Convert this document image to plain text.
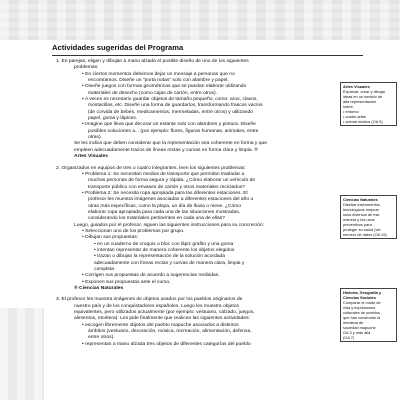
Actividades sugeridas del Programa

1. En parejas, eligen y dibujan a mano alzada el posible diseño de uno de los siguientes

problemas:

• En ciertos momentos debemos dejar un mensaje a personas que no

encontramos. Diseñe un "porta notas" solo con alambre y papel.

• Diseñe juegos con formas geométricas que se puedan elaborar utilizando

materiales de desecho (como cajas de cartón, entre otros).

• A veces es necesario guardar objetos de tamaño pequeño, como: aros, clavos,

mostacillas, etc. Diseñe una forma de guardarlos, transformando frascos vacíos

(de corvida de bebés, medicamentos, mermeladas, entre otros) y utilizando

papel, goma y lápices.

• Imagine que lleva que decorar un estante solo con alambres y pintura. Diseñe

posibles soluciones a... (por ejemplo: flores, figuras humanas, animales, entre

otras).

Se les indica que deben considerar que la representación sea coherente en forma y que

empleen adecuadamente trazos de líneas rectas y curvas en forma clara y limpia. ®

Artes Visuales

2. Organizados en equipos de tres o cuatro integrantes, leen los siguientes problemas:

• Problema 1: Se necesitan medios de transporte que permitan trasladar a

muchas personas de forma segura y rápida. ¿Cómo elaborar un vehículo de

transporte público con envases de cartón y otros materiales reciclados?

• Problema 2: Se necesita ropa apropiada para las diferentes estaciones. El

profesor les muestra imágenes asociadas a diferentes estaciones del año u

otras más específicas, como la playa, un día de lluvia o nieve. ¿Cómo

elaborar ropa apropiada para cada una de las situaciones mostradas,

considerando los materiales pertinentes en cada una de ellas?

Luego, guiados por el profesor, siguen las siguientes instrucciones para su concreción:

• Seleccionan uno de los problemas por grupo.

• Dibujan sus propuestas:

• en un cuaderno de croquis o bloc con lápiz grafito y una goma

• intentan representar de manera coherente los objetos elegidos

• trazan o dibujan la representación de la solución acordada

adecuadamente con líneas rectas y curvas de manera clara, limpia y

completa

• Corrigen sus propuestas de acuerdo a sugerencias recibidas.

• Exponen sus propuestas ante el curso.

® Ciencias Naturales

3. El profesor les muestra imágenes de objetos usados por los pueblos originarios de

nuestro país y de los conquistadores españoles. Luego les muestra objetos

equivalentes, pero utilizados actualmente (por ejemplo: vestuario, calzado, juegos,

alimentos, etcétera). Les pide finalmente que realicen las siguientes actividades:

• escogen libremente objetos del pueblo mapuche asociados a distintos

ámbitos (vestuario, decoración, música, recreación, alimentación, defensa,

entre otros).

• representan a mano alzada tres objetos de diferentes categorías del pueblo

Artes Visuales

Expresar, crear y dibujar

ideas en un sentido de

alta representación

sobre:

• entorno

• cuatro artes

• animal mística (OA 3)

Ciencias Naturales

Diseñar instrumentos

tecnológicos mejorar

usos diversos de ese

manera y los usos

preventivos para

proteger su salud (ver

número de datos (OA 19)

Historia, Geografía y Ciencias Sociales

Comparar el modo de

vida y expresiones

culturales de pueblos

que han construido la

mediana de

sociedad mapuche

OA 3 y más allá

(OA 7)
